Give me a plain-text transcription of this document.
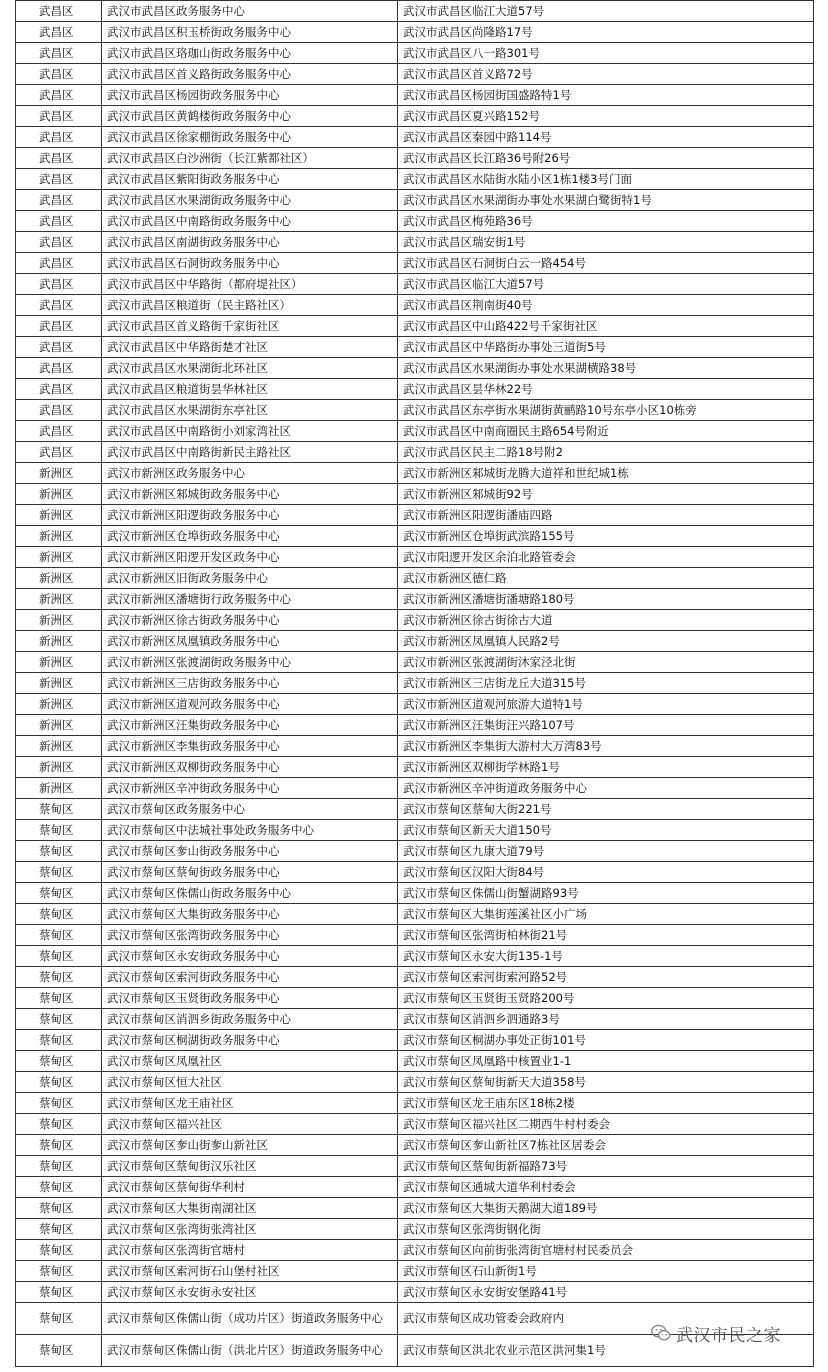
武昌区	武汉市武昌区政务服务中心	武汉市武昌区临江大道57号
武昌区	武汉市武昌区积玉桥街政务服务中心	武汉市武昌区尚隆路17号
武昌区	武汉市武昌区珞珈山街政务服务中心	武汉市武昌区八一路301号
武昌区	武汉市武昌区首义路街政务服务中心	武汉市武昌区首义路72号
武昌区	武汉市武昌区杨园街政务服务中心	武汉市武昌区杨园街国盛路特1号
武昌区	武汉市武昌区黄鹤楼街政务服务中心	武汉市武昌区夏兴路152号
武昌区	武汉市武昌区徐家棚街政务服务中心	武汉市武昌区秦园中路114号
武昌区	武汉市武昌区白沙洲街（长江紫都社区）	武汉市武昌区长江路36号附26号
武昌区	武汉市武昌区紫阳街政务服务中心	武汉市武昌区水陆街水陆小区1栋1楼3号门面
武昌区	武汉市武昌区水果湖街政务服务中心	武汉市武昌区水果湖街办事处水果湖白鹭街特1号
武昌区	武汉市武昌区中南路街政务服务中心	武汉市武昌区梅苑路36号
武昌区	武汉市武昌区南湖街政务服务中心	武汉市武昌区瑞安街1号
武昌区	武汉市武昌区石洞街政务服务中心	武汉市武昌区石洞街白云一路454号
武昌区	武汉市武昌区中华路街（都府堤社区）	武汉市武昌区临江大道57号
武昌区	武汉市武昌区粮道街（民主路社区）	武汉市武昌区荆南街40号
武昌区	武汉市武昌区首义路街千家街社区	武汉市武昌区中山路422号千家街社区
武昌区	武汉市武昌区中华路街楚才社区	武汉市武昌区中华路街办事处三道街5号
武昌区	武汉市武昌区水果湖街北环社区	武汉市武昌区水果湖街办事处水果湖横路38号
武昌区	武汉市武昌区粮道街昙华林社区	武汉市武昌区昙华林22号
武昌区	武汉市武昌区水果湖街东亭社区	武汉市武昌区东亭街水果湖街黄鹂路10号东亭小区10栋旁
武昌区	武汉市武昌区中南路街小刘家湾社区	武汉市武昌区中南商圈民主路654号附近
武昌区	武汉市武昌区中南路街新民主路社区	武汉市武昌区民主二路18号附2
新洲区	武汉市新洲区政务服务中心	武汉市新洲区邾城街龙腾大道祥和世纪城1栋
新洲区	武汉市新洲区邾城街政务服务中心	武汉市新洲区邾城街92号
新洲区	武汉市新洲区阳逻街政务服务中心	武汉市新洲区阳逻街潘庙四路
新洲区	武汉市新洲区仓埠街政务服务中心	武汉市新洲区仓埠街武滨路155号
新洲区	武汉市新洲区阳逻开发区政务中心	武汉市阳逻开发区余泊北路管委会
新洲区	武汉市新洲区旧街政务服务中心	武汉市新洲区德仁路
新洲区	武汉市新洲区潘塘街行政务服务中心	武汉市新洲区潘塘街潘塘路180号
新洲区	武汉市新洲区徐古街政务服务中心	武汉市新洲区徐古街徐古大道
新洲区	武汉市新洲区凤凰镇政务服务中心	武汉市新洲区凤凰镇人民路2号
新洲区	武汉市新洲区张渡湖街政务服务中心	武汉市新洲区张渡湖街沐家泾北街
新洲区	武汉市新洲区三店街政务服务中心	武汉市新洲区三店街龙丘大道315号
新洲区	武汉市新洲区道观河政务服务中心	武汉市新洲区道观河旅游大道特1号
新洲区	武汉市新洲区汪集街政务服务中心	武汉市新洲区汪集街汪兴路107号
新洲区	武汉市新洲区李集街政务服务中心	武汉市新洲区李集街大游村大万湾83号
新洲区	武汉市新洲区双柳街政务服务中心	武汉市新洲区双柳街学林路1号
新洲区	武汉市新洲区辛冲街政务服务中心	武汉市新洲区辛冲街道政务服务中心
蔡甸区	武汉市蔡甸区政务服务中心	武汉市蔡甸区蔡甸大街221号
蔡甸区	武汉市蔡甸区中法城社事处政务服务中心	武汉市蔡甸区新天大道150号
蔡甸区	武汉市蔡甸区奓山街政务服务中心	武汉市蔡甸区九康大道79号
蔡甸区	武汉市蔡甸区蔡甸街政务服务中心	武汉市蔡甸区汉阳大街84号
蔡甸区	武汉市蔡甸区侏儒山街政务服务中心	武汉市蔡甸区侏儒山街蟹湖路93号
蔡甸区	武汉市蔡甸区大集街政务服务中心	武汉市蔡甸区大集街莲溪社区小广场
蔡甸区	武汉市蔡甸区张湾街政务服务中心	武汉市蔡甸区张湾街柏林街21号
蔡甸区	武汉市蔡甸区永安街政务服务中心	武汉市蔡甸区永安大街135-1号
蔡甸区	武汉市蔡甸区索河街政务服务中心	武汉市蔡甸区索河街索河路52号
蔡甸区	武汉市蔡甸区玉贤街政务服务中心	武汉市蔡甸区玉贤街玉贤路200号
蔡甸区	武汉市蔡甸区消泗乡街政务服务中心	武汉市蔡甸区消泗乡泗通路3号
蔡甸区	武汉市蔡甸区桐湖街政务服务中心	武汉市蔡甸区桐湖办事处正街101号
蔡甸区	武汉市蔡甸区凤凰社区	武汉市蔡甸区凤凰路中核置业1-1
蔡甸区	武汉市蔡甸区恒大社区	武汉市蔡甸区蔡甸街新天大道358号
蔡甸区	武汉市蔡甸区龙王庙社区	武汉市蔡甸区龙王庙东区18栋2楼
蔡甸区	武汉市蔡甸区福兴社区	武汉市蔡甸区福兴社区二期西牛村村委会
蔡甸区	武汉市蔡甸区奓山街奓山新社区	武汉市蔡甸区奓山新社区7栋社区居委会
蔡甸区	武汉市蔡甸区蔡甸街汉乐社区	武汉市蔡甸区蔡甸街新福路73号
蔡甸区	武汉市蔡甸区蔡甸街华利村	武汉市蔡甸区通城大道华利村委会
蔡甸区	武汉市蔡甸区大集街南湖社区	武汉市蔡甸区大集街天鹅湖大道189号
蔡甸区	武汉市蔡甸区张湾街张湾社区	武汉市蔡甸区张湾街钢化街
蔡甸区	武汉市蔡甸区张湾街官塘村	武汉市蔡甸区向前街张湾街官塘村村民委员会
蔡甸区	武汉市蔡甸区索河街石山堡村社区	武汉市蔡甸区石山新街1号
蔡甸区	武汉市蔡甸区永安街永安社区	武汉市蔡甸区永安街安堡路41号
蔡甸区	武汉市蔡甸区侏儒山街（成功片区）街道政务服务中心	武汉市蔡甸区成功管委会政府内
蔡甸区	武汉市蔡甸区侏儒山街（洪北片区）街道政务服务中心	武汉市蔡甸区洪北农业示范区洪河集1号
武汉市民之家
